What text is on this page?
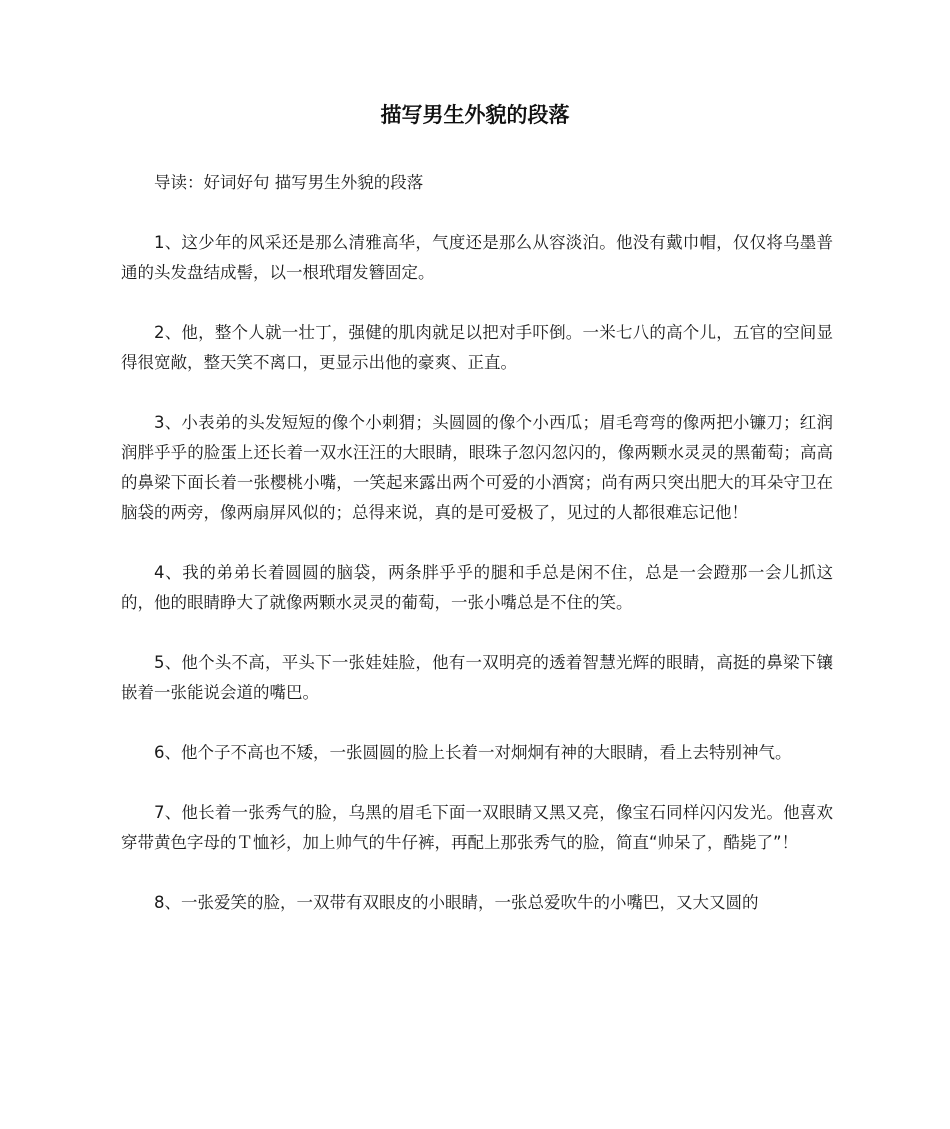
描写男生外貌的段落

导读：好词好句 描写男生外貌的段落

1、这少年的风采还是那么清雅高华，气度还是那么从容淡泊。他没有戴巾帽，仅仅将乌墨普通的头发盘结成髻，以一根玳瑁发簪固定。

2、他，整个人就一壮丁，强健的肌肉就足以把对手吓倒。一米七八的高个儿，五官的空间显得很宽敞，整天笑不离口，更显示出他的豪爽、正直。

3、小表弟的头发短短的像个小刺猬；头圆圆的像个小西瓜；眉毛弯弯的像两把小镰刀；红润润胖乎乎的脸蛋上还长着一双水汪汪的大眼睛，眼珠子忽闪忽闪的，像两颗水灵灵的黑葡萄；高高的鼻梁下面长着一张樱桃小嘴，一笑起来露出两个可爱的小酒窝；尚有两只突出肥大的耳朵守卫在脑袋的两旁，像两扇屏风似的；总得来说，真的是可爱极了，见过的人都很难忘记他！

4、我的弟弟长着圆圆的脑袋，两条胖乎乎的腿和手总是闲不住，总是一会蹬那一会儿抓这的，他的眼睛睁大了就像两颗水灵灵的葡萄，一张小嘴总是不住的笑。

5、他个头不高，平头下一张娃娃脸，他有一双明亮的透着智慧光辉的眼睛，高挺的鼻梁下镶嵌着一张能说会道的嘴巴。

6、他个子不高也不矮，一张圆圆的脸上长着一对炯炯有神的大眼睛，看上去特别神气。

7、他长着一张秀气的脸，乌黑的眉毛下面一双眼睛又黑又亮，像宝石同样闪闪发光。他喜欢穿带黄色字母的Ｔ恤衫，加上帅气的牛仔裤，再配上那张秀气的脸，简直“帅呆了，酷毙了”！

8、一张爱笑的脸，一双带有双眼皮的小眼睛，一张总爱吹牛的小嘴巴，又大又圆的
